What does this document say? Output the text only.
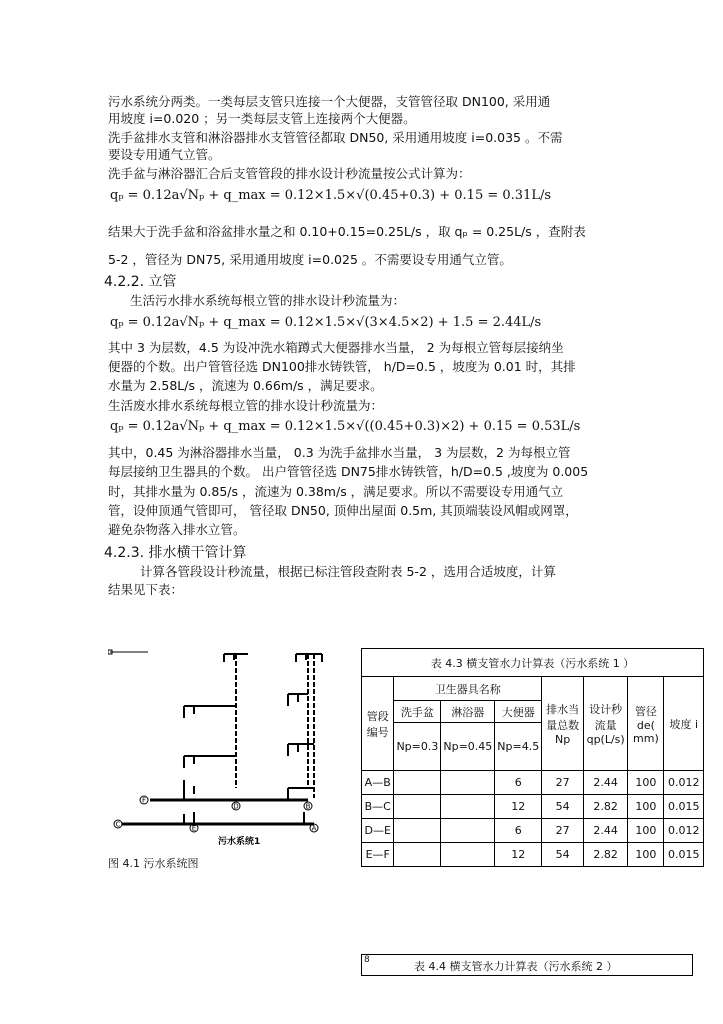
污水系统分两类。一类每层支管只连接一个大便器，支管管径取 DN100, 采用通
用坡度 i=0.020 ；另一类每层支管上连接两个大便器。
洗手盆排水支管和淋浴器排水支管管径都取 DN50, 采用通用坡度 i=0.035 。不需
要设专用通气立管。
洗手盆与淋浴器汇合后支管管段的排水设计秒流量按公式计算为：
qₚ = 0.12a√Nₚ + q_max = 0.12×1.5×√(0.45+0.3) + 0.15 = 0.31L/s
结果大于洗手盆和浴盆排水量之和 0.10+0.15=0.25L/s ，取 qₚ = 0.25L/s ，查附表
5-2 ，管径为 DN75, 采用通用坡度 i=0.025 。不需要设专用通气立管。
4.2.2. 立管
生活污水排水系统每根立管的排水设计秒流量为：
qₚ = 0.12a√Nₚ + q_max = 0.12×1.5×√(3×4.5×2) + 1.5 = 2.44L/s
其中 3 为层数，4.5 为设冲洗水箱蹲式大便器排水当量， 2 为每根立管每层接纳坐
便器的个数。出户管管径选 DN100排水铸铁管， h/D=0.5 ，坡度为 0.01 时，其排
水量为 2.58L/s ，流速为 0.66m/s ，满足要求。
生活废水排水系统每根立管的排水设计秒流量为：
qₚ = 0.12a√Nₚ + q_max = 0.12×1.5×√((0.45+0.3)×2) + 0.15 = 0.53L/s
其中，0.45 为淋浴器排水当量， 0.3 为洗手盆排水当量， 3 为层数，2 为每根立管
每层接纳卫生器具的个数。 出户管管径选 DN75排水铸铁管，h/D=0.5 ,坡度为 0.005
时，其排水量为 0.85/s ，流速为 0.38m/s ，满足要求。所以不需要设专用通气立
管，设伸顶通气管即可， 管径取 DN50, 顶伸出屋面 0.5m, 其顶端装设风帽或网罩，
避免杂物落入排水立管。
4.2.3. 排水横干管计算
计算各管段设计秒流量，根据已标注管段查附表 5-2 ，选用合适坡度，计算
结果见下表：
F
D	B
C	E	A
污水系统1
图 4.1 污水系统图
表 4.3 横支管水力计算表（污水系统 1 ）							
管段编号	卫生器具名称			排水当量总数 Np	设计秒流量 qp(L/s)	管径 de( mm)	坡度 i
	洗手盆	淋浴器	大便器				
	Np=0.3	Np=0.45	Np=4.5				
A—B			6	27	2.44	100	0.012
B—C			12	54	2.82	100	0.015
D—E			6	27	2.44	100	0.012
E—F			12	54	2.82	100	0.015
8	表 4.4 横支管水力计算表（污水系统 2 ）
